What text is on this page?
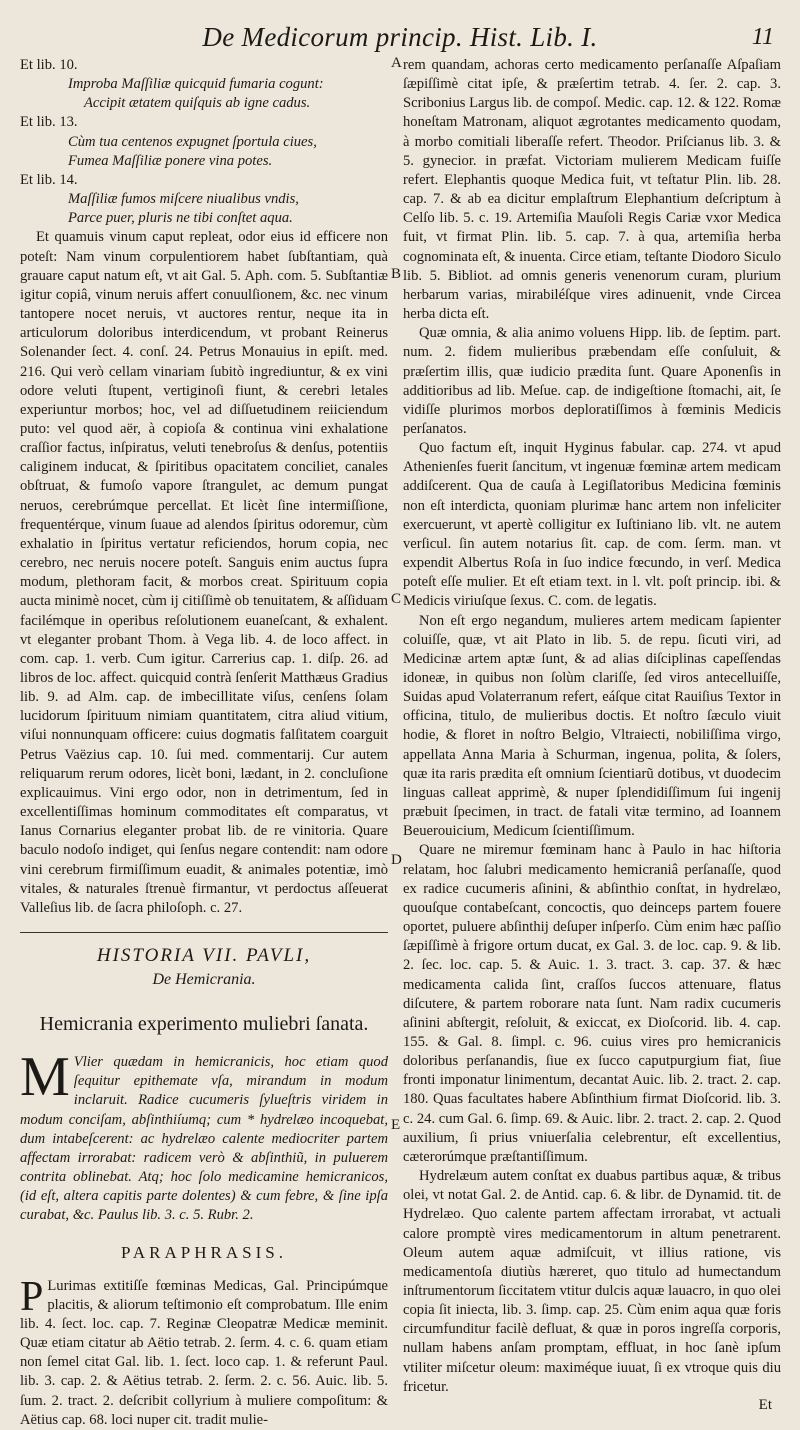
De Medicorum princip. Hist. Lib. I.	11
A
B
C
D
E

Et lib. 10.

Improba Maſſiliæ quicquid fumaria cogunt:

Accipit ætatem quiſquis ab igne cadus.

Et lib. 13.

Cùm tua centenos expugnet ſportula ciues,

Fumea Maſſiliæ ponere vina potes.

Et lib. 14.

Maſſiliæ fumos miſcere niualibus vndis,

Parce puer, pluris ne tibi conſtet aqua.

Et quamuis vinum caput repleat, odor eius id efficere non poteſt: Nam vinum corpulentiorem habet ſubſtantiam, quà grauare caput natum eſt, vt ait Gal. 5. Aph. com. 5. Subſtantiæ igitur copiâ, vinum neruis affert conuulſionem, &c. nec vinum tantopere nocet neruis, vt auctores rentur, neque ita in articulorum doloribus interdicendum, vt probant Reinerus Solenander ſect. 4. conſ. 24. Petrus Monauius in epiſt. med. 216. Qui verò cellam vinariam ſubitò ingrediuntur, & ex vini odore veluti ſtupent, vertiginoſi fiunt, & cerebri letales experiuntur morbos; hoc, vel ad diſſuetudinem reiiciendum puto: vel quod aër, à copioſa & continua vini exhalatione craſſior factus, inſpiratus, veluti tenebroſus & denſus, potentiis caliginem inducat, & ſpiritibus opacitatem conciliet, canales obſtruat, & fumoſo vapore ſtrangulet, ac demum pungat neruos, cerebrúmque percellat. Et licèt ſine intermiſſione, frequentérque, vinum ſuaue ad alendos ſpiritus odoremur, cùm exhalatio in ſpiritus vertatur reficiendos, horum copia, nec cerebro, nec neruis nocere poteſt. Sanguis enim auctus ſupra modum, plethoram facit, & morbos creat. Spirituum copia aucta minimè nocet, cùm ij citiſſimè ob tenuitatem, & aſſiduam facilémque in operibus reſolutionem euaneſcant, & exhalent. vt eleganter probant Thom. à Vega lib. 4. de loco affect. in com. cap. 1. verb. Cum igitur. Carrerius cap. 1. diſp. 26. ad libros de loc. affect. quicquid contrà ſenſerit Matthæus Gradius lib. 9. ad Alm. cap. de imbecillitate viſus, cenſens ſolam lucidorum ſpirituum nimiam quantitatem, citra aliud vitium, viſui nonnunquam officere: cuius dogmatis falſitatem coarguit Petrus Vaëzius cap. 10. ſui med. commentarij. Cur autem reliquarum rerum odores, licèt boni, lædant, in 2. concluſione explicauimus. Vini ergo odor, non in detrimentum, ſed in excellentiſſimas hominum commoditates eſt comparatus, vt Ianus Cornarius eleganter probat lib. de re vinitoria. Quare baculo nodoſo indiget, qui ſenſus negare contendit: nam odore vini cerebrum firmiſſimum euadit, & animales potentiæ, imò vitales, & naturales ſtrenuè firmantur, vt perdoctus aſſeuerat Valleſius lib. de ſacra philoſoph. c. 27.

HISTORIA VII. PAVLI,
De Hemicrania.
Hemicrania experimento muliebri ſanata.

M Vlier quædam in hemicranicis, hoc etiam quod ſequitur epithemate vſa, mirandum in modum inclaruit. Radice cucumeris ſylueſtris viridem in modum conciſam, abſinthiíumq; cum * hydrelæo incoquebat, dum intabeſcerent: ac hydrelæo calente mediocriter partem affectam irrorabat: radicem verò & abſinthiũ, in puluerem contrita oblinebat. Atq; hoc ſolo medicamine hemicranicos, (id eſt, altera capitis parte dolentes) & cum febre, & ſine ipſa curabat, &c. Paulus lib. 3. c. 5. Rubr. 2.

PARAPHRASIS.

P Lurimas extitiſſe fœminas Medicas, Gal. Principúmque placitis, & aliorum teſtimonio eſt comprobatum. Ille enim lib. 4. ſect. loc. cap. 7. Reginæ Cleopatræ Medicæ meminit. Quæ etiam citatur ab Aëtio tetrab. 2. ſerm. 4. c. 6. quam etiam non ſemel citat Gal. lib. 1. ſect. loco cap. 1. & referunt Paul. lib. 3. cap. 2. & Aëtius tetrab. 2. ſerm. 2. c. 56. Auic. lib. 5. ſum. 2. tract. 2. deſcribit collyrium à muliere compoſitum: & Aëtius cap. 68. loci nuper cit. tradit mulie-

rem quandam, achoras certo medicamento perſanaſſe Aſpaſiam ſæpiſſimè citat ipſe, & præſertim tetrab. 4. ſer. 2. cap. 3. Scribonius Largus lib. de compoſ. Medic. cap. 12. & 122. Romæ honeſtam Matronam, aliquot ægrotantes medicamento quodam, à morbo comitiali liberaſſe refert. Theodor. Priſcianus lib. 3. & 5. gynecior. in præfat. Victoriam mulierem Medicam fuiſſe refert. Elephantis quoque Medica fuit, vt teſtatur Plin. lib. 28. cap. 7. & ab ea dicitur emplaſtrum Elephantium deſcriptum à Celſo lib. 5. c. 19. Artemiſia Mauſoli Regis Cariæ vxor Medica fuit, vt firmat Plin. lib. 5. cap. 7. à qua, artemiſia herba cognominata eſt, & inuenta. Circe etiam, teſtante Diodoro Siculo lib. 5. Bibliot. ad omnis generis venenorum curam, plurium herbarum varias, mirabiléſque vires adinuenit, vnde Circea herba dicta eſt.

Quæ omnia, & alia animo voluens Hipp. lib. de ſeptim. part. num. 2. fidem mulieribus præbendam eſſe conſuluit, & præſertim illis, quæ iudicio prædita ſunt. Quare Aponenſis in additioribus ad lib. Meſue. cap. de indigeſtione ſtomachi, ait, ſe vidiſſe plurimos morbos deploratiſſimos à fœminis Medicis perſanatos.

Quo factum eſt, inquit Hyginus fabular. cap. 274. vt apud Athenienſes fuerit ſancitum, vt ingenuæ fœminæ artem medicam addiſcerent. Qua de cauſa à Legiſlatoribus Medicina fœminis non eſt interdicta, quoniam plurimæ hanc artem non infeliciter exercuerunt, vt apertè colligitur ex Iuſtiniano lib. vlt. ne autem verſicul. ſin autem notarius ſit. cap. de com. ſerm. man. vt expendit Albertus Roſa in ſuo indice fœcundo, in verſ. Medica poteſt eſſe mulier. Et eſt etiam text. in l. vlt. poſt princip. ibi. & Medicis viriuſque ſexus. C. com. de legatis.

Non eſt ergo negandum, mulieres artem medicam ſapienter coluiſſe, quæ, vt ait Plato in lib. 5. de repu. ſicuti viri, ad Medicinæ artem aptæ ſunt, & ad alias diſciplinas capeſſendas idoneæ, in quibus non ſolùm clariſſe, ſed viros antecelluiſſe, Suidas apud Volaterranum refert, eáſque citat Rauiſius Textor in officina, titulo, de mulieribus doctis. Et noſtro ſæculo viuit hodie, & floret in noſtro Belgio, Vltraiecti, nobiliſſima virgo, appellata Anna Maria à Schurman, ingenua, polita, & ſolers, quæ ita raris prædita eſt omnium ſcientiarũ dotibus, vt duodecim linguas calleat apprimè, & nuper ſplendidiſſimum ſui ingenij præbuit ſpecimen, in tract. de fatali vitæ termino, ad Ioannem Beuerouicium, Medicum ſcientiſſimum.

Quare ne miremur fœminam hanc à Paulo in hac hiſtoria relatam, hoc ſalubri medicamento hemicraniâ perſanaſſe, quod ex radice cucumeris aſinini, & abſinthio conſtat, in hydrelæo, quouſque contabeſcant, concoctis, quo deinceps partem fouere oportet, puluere abſinthij deſuper inſperſo. Cùm enim hæc paſſio ſæpiſſimè à frigore ortum ducat, ex Gal. 3. de loc. cap. 9. & lib. 2. ſec. loc. cap. 5. & Auic. 1. 3. tract. 3. cap. 37. & hæc medicamenta calida ſint, craſſos ſuccos attenuare, flatus diſcutere, & partem roborare nata ſunt. Nam radix cucumeris aſinini abſtergit, reſoluit, & exiccat, ex Dioſcorid. lib. 4. cap. 155. & Gal. 8. ſimpl. c. 96. cuius vires pro hemicranicis doloribus perſanandis, ſiue ex ſucco caputpurgium fiat, ſiue fronti imponatur linimentum, decantat Auic. lib. 2. tract. 2. cap. 180. Quas facultates habere Abſinthium firmat Dioſcorid. lib. 3. c. 24. cum Gal. 6. ſimp. 69. & Auic. libr. 2. tract. 2. cap. 2. Quod auxilium, ſi prius vniuerſalia celebrentur, eſt excellentius, cæterorúmque præſtantiſſimum.

Hydrelæum autem conſtat ex duabus partibus aquæ, & tribus olei, vt notat Gal. 2. de Antid. cap. 6. & libr. de Dynamid. tit. de Hydrelæo. Quo calente partem affectam irrorabat, vt actuali calore promptè vires medicamentorum in altum penetrarent. Oleum autem aquæ admiſcuit, vt illius ratione, vis medicamentoſa diutiùs hæreret, quo titulo ad humectandum inſtrumentorum ſiccitatem vtitur dulcis aquæ lauacro, in quo olei copia ſit iniecta, lib. 3. ſimp. cap. 25. Cùm enim aqua quæ foris circumfunditur facilè defluat, & quæ in poros ingreſſa corporis, nullam habens anſam promptam, effluat, in hoc ſanè ipſum vtiliter miſcetur oleum: maximéque iuuat, ſi ex vtroque quis diu fricetur.

Et
